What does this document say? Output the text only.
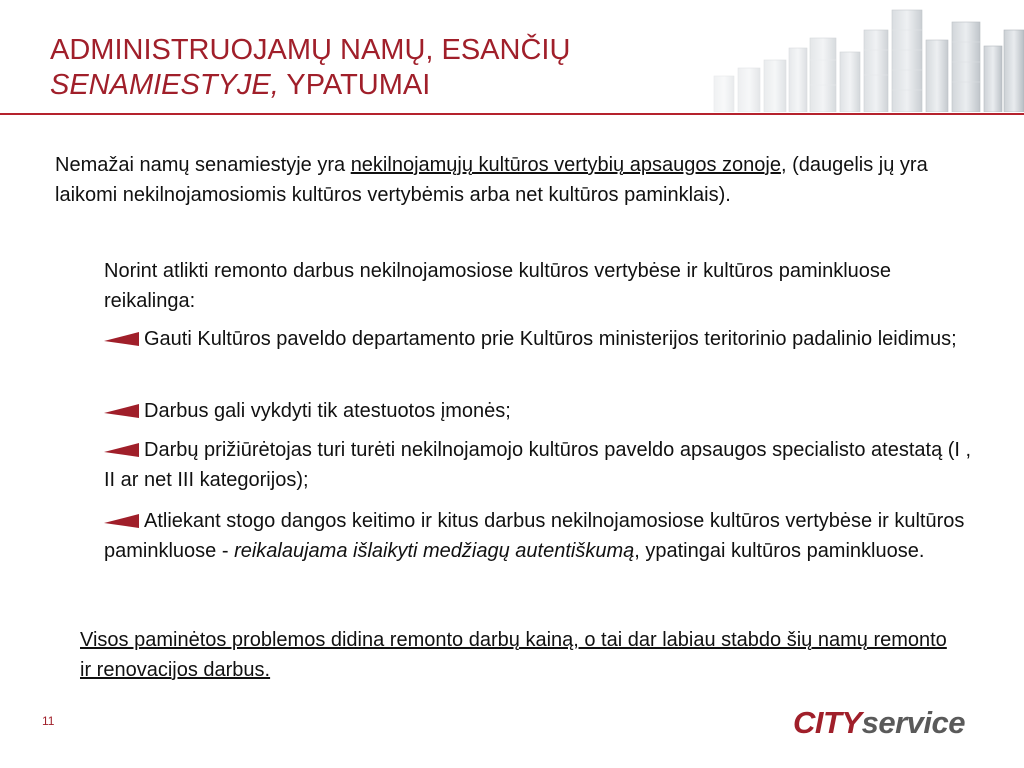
ADMINISTRUOJAMŲ NAMŲ, ESANČIŲ
SENAMIESTYJE, YPATUMAI

Nemažai namų senamiestyje yra nekilnojamųjų kultūros vertybių apsaugos zonoje, (daugelis jų yra laikomi nekilnojamosiomis kultūros vertybėmis arba net kultūros paminklais).

Norint atlikti remonto darbus nekilnojamosiose kultūros vertybėse ir kultūros paminkluose reikalinga:

Gauti Kultūros paveldo departamento prie Kultūros ministerijos teritorinio padalinio leidimus;

Darbus gali vykdyti tik atestuotos įmonės;

Darbų prižiūrėtojas turi turėti nekilnojamojo kultūros paveldo apsaugos specialisto atestatą (I , II ar net III kategorijos);

Atliekant stogo dangos keitimo ir kitus darbus nekilnojamosiose kultūros vertybėse ir kultūros paminkluose - reikalaujama išlaikyti medžiagų autentiškumą, ypatingai kultūros paminkluose.

Visos paminėtos problemos didina remonto darbų kainą, o tai dar labiau stabdo šių namų remonto ir renovacijos darbus.

11	CITYservice
